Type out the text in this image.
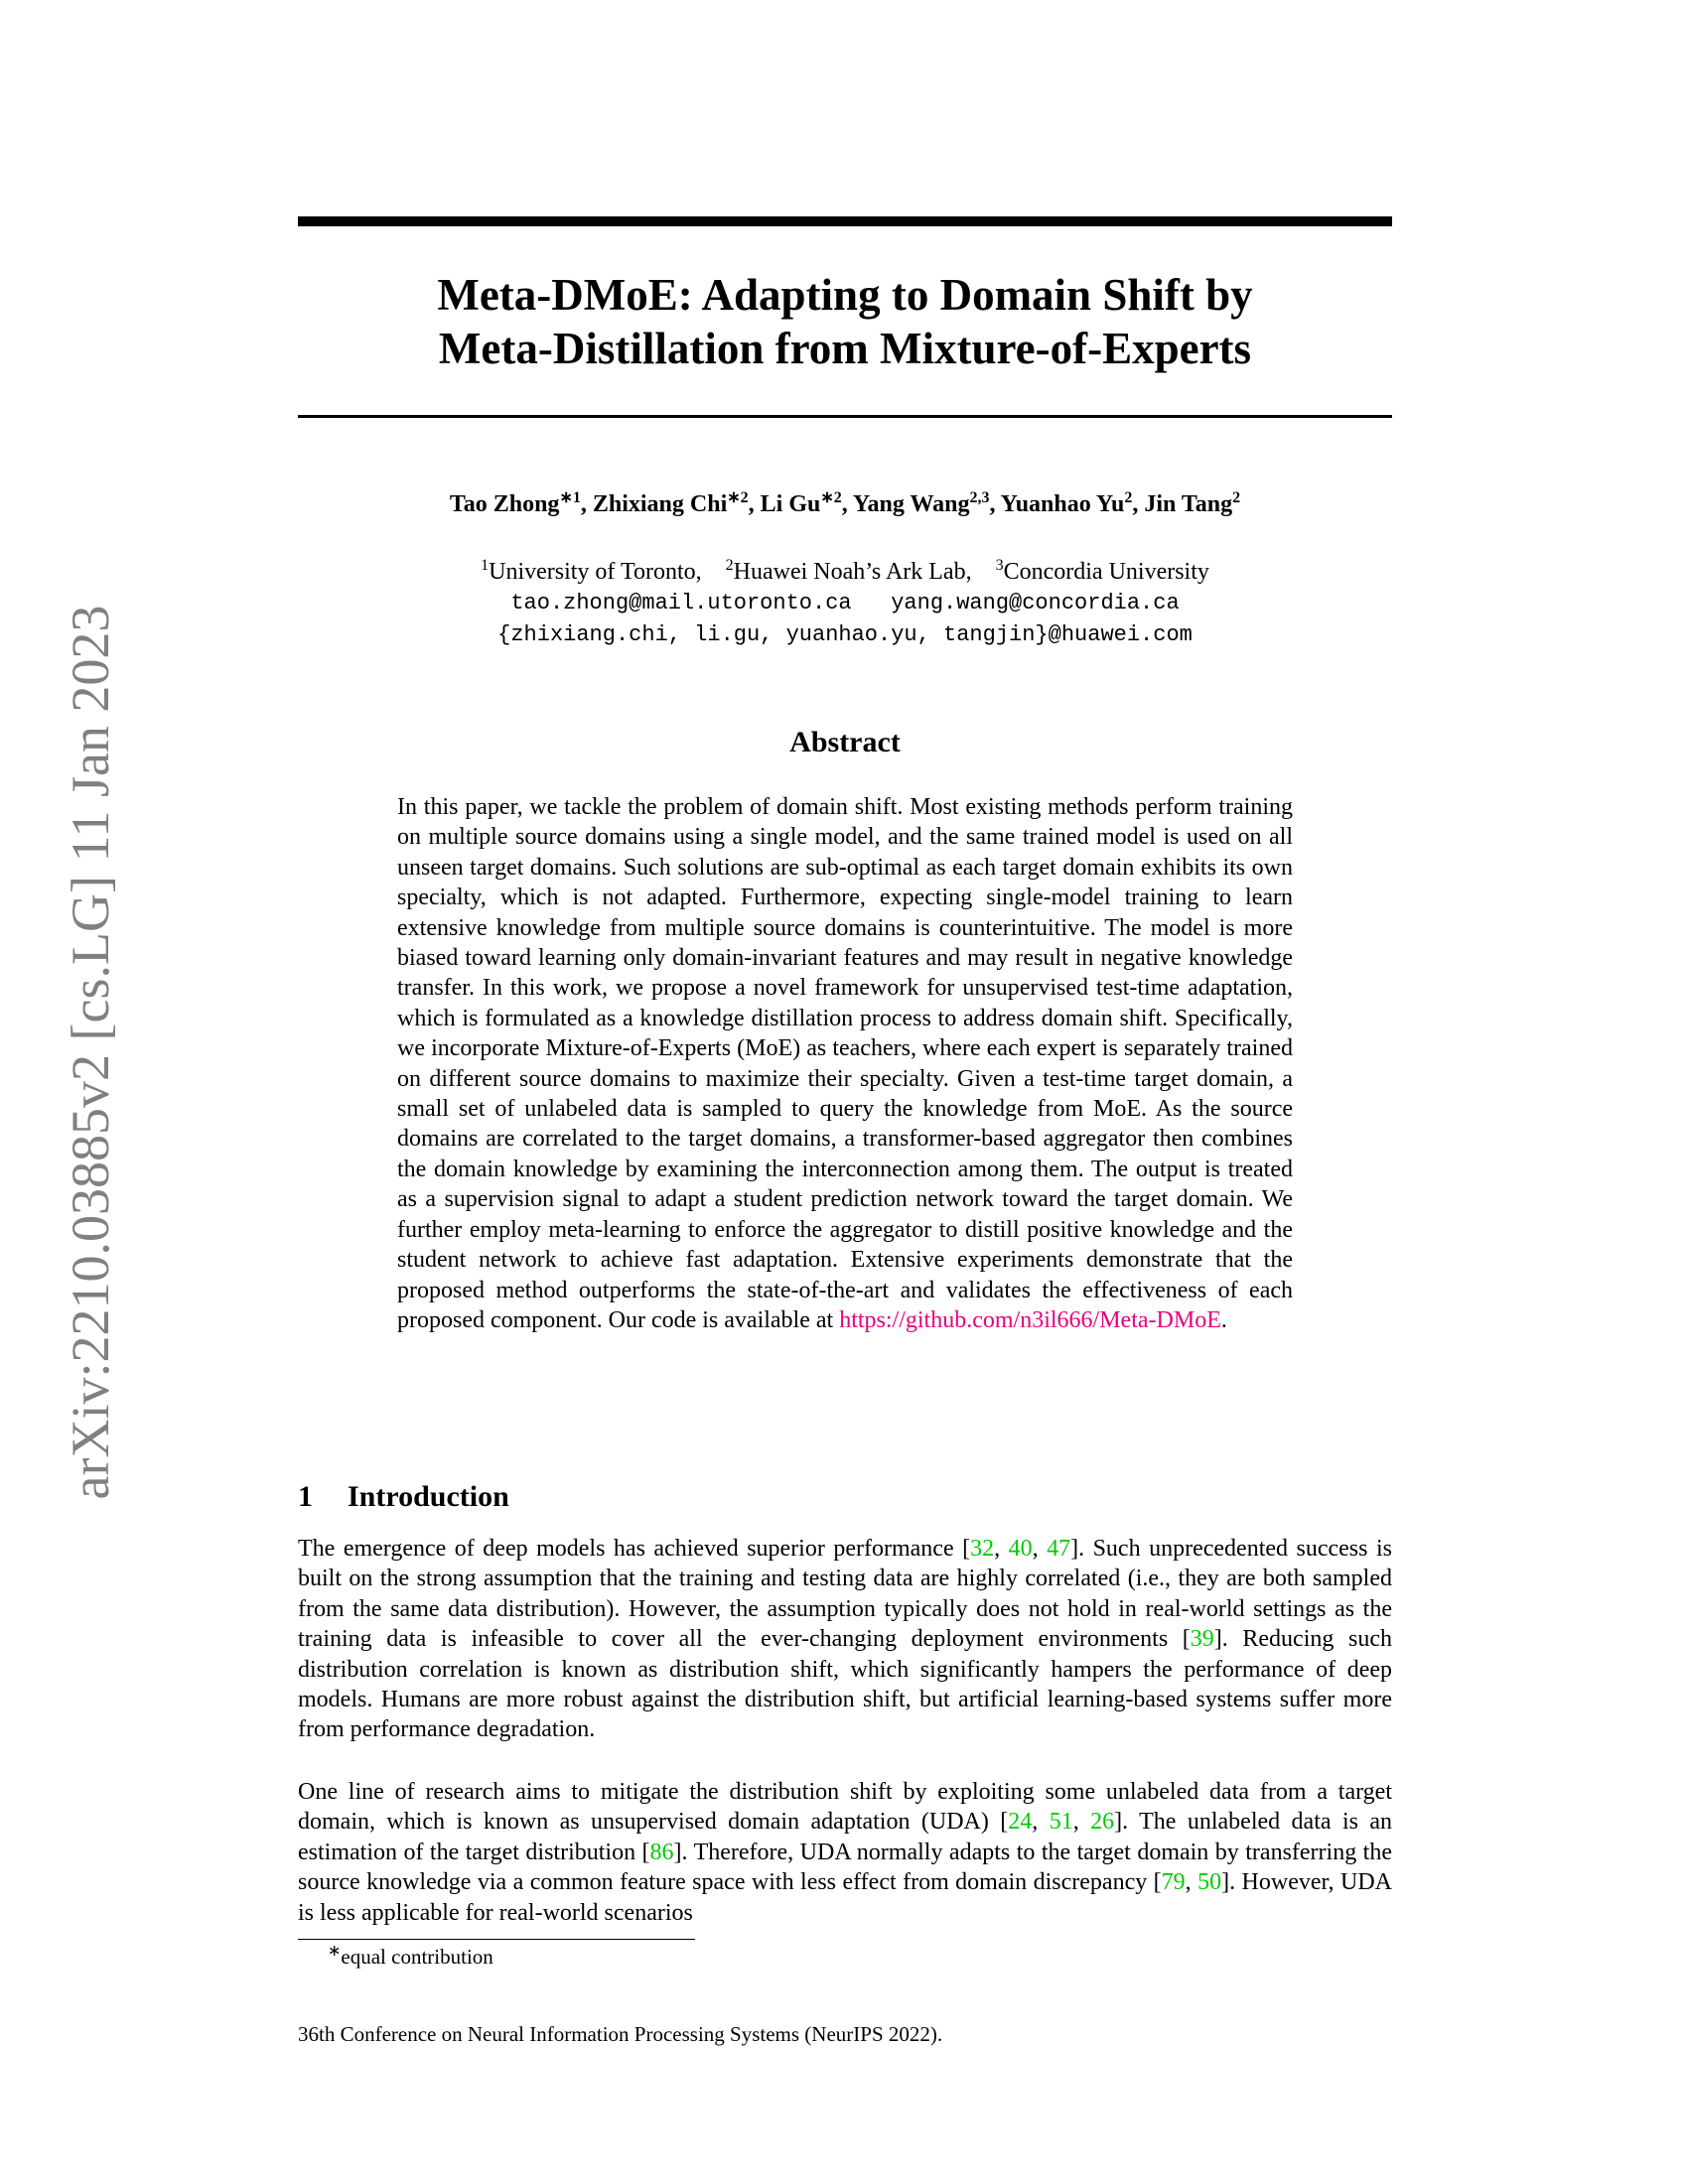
arXiv:2210.03885v2 [cs.LG] 11 Jan 2023
Meta-DMoE: Adapting to Domain Shift by
Meta-Distillation from Mixture-of-Experts
Tao Zhong$^{∗1}$, Zhixiang Chi$^{∗2}$, Li $Gu^{∗2}$, Yang Wang$^{2,3}$, Yuanhao Yu$^2$, Jin Tang$^2$
$^1$University of Toronto, $^2$Huawei Noah’s Ark Lab, $^3$Concordia University
tao.zhong@mail.utoronto.ca   yang.wang@concordia.ca
{zhixiang.chi, li.gu, yuanhao.yu, tangjin}@huawei.com
Abstract
In this paper, we tackle the problem of domain shift. Most existing methods perform training on multiple source domains using a single model, and the same trained model is used on all unseen target domains. Such solutions are sub-optimal as each target domain exhibits its own specialty, which is not adapted. Furthermore, expecting single-model training to learn extensive knowledge from multiple source domains is counterintuitive. The model is more biased toward learning only domain-invariant features and may result in negative knowledge transfer. In this work, we propose a novel framework for unsupervised test-time adaptation, which is formulated as a knowledge distillation process to address domain shift. Specifically, we incorporate Mixture-of-Experts (MoE) as teachers, where each expert is separately trained on different source domains to maximize their specialty. Given a test-time target domain, a small set of unlabeled data is sampled to query the knowledge from MoE. As the source domains are correlated to the target domains, a transformer-based aggregator then combines the domain knowledge by examining the interconnection among them. The output is treated as a supervision signal to adapt a student prediction network toward the target domain. We further employ meta-learning to enforce the aggregator to distill positive knowledge and the student network to achieve fast adaptation. Extensive experiments demonstrate that the proposed method outperforms the state-of-the-art and validates the effectiveness of each proposed component. Our code is available at https://github.com/n3il666/Meta-DMoE.
1 Introduction
The emergence of deep models has achieved superior performance [32, 40, 47]. Such unprecedented success is built on the strong assumption that the training and testing data are highly correlated (i.e., they are both sampled from the same data distribution). However, the assumption typically does not hold in real-world settings as the training data is infeasible to cover all the ever-changing deployment environments [39]. Reducing such distribution correlation is known as distribution shift, which significantly hampers the performance of deep models. Humans are more robust against the distribution shift, but artificial learning-based systems suffer more from performance degradation.
One line of research aims to mitigate the distribution shift by exploiting some unlabeled data from a target domain, which is known as unsupervised domain adaptation (UDA) [24, 51, 26]. The unlabeled data is an estimation of the target distribution [86]. Therefore, UDA normally adapts to the target domain by transferring the source knowledge via a common feature space with less effect from domain discrepancy [79, 50]. However, UDA is less applicable for real-world scenarios
∗equal contribution
36th Conference on Neural Information Processing Systems (NeurIPS 2022).
